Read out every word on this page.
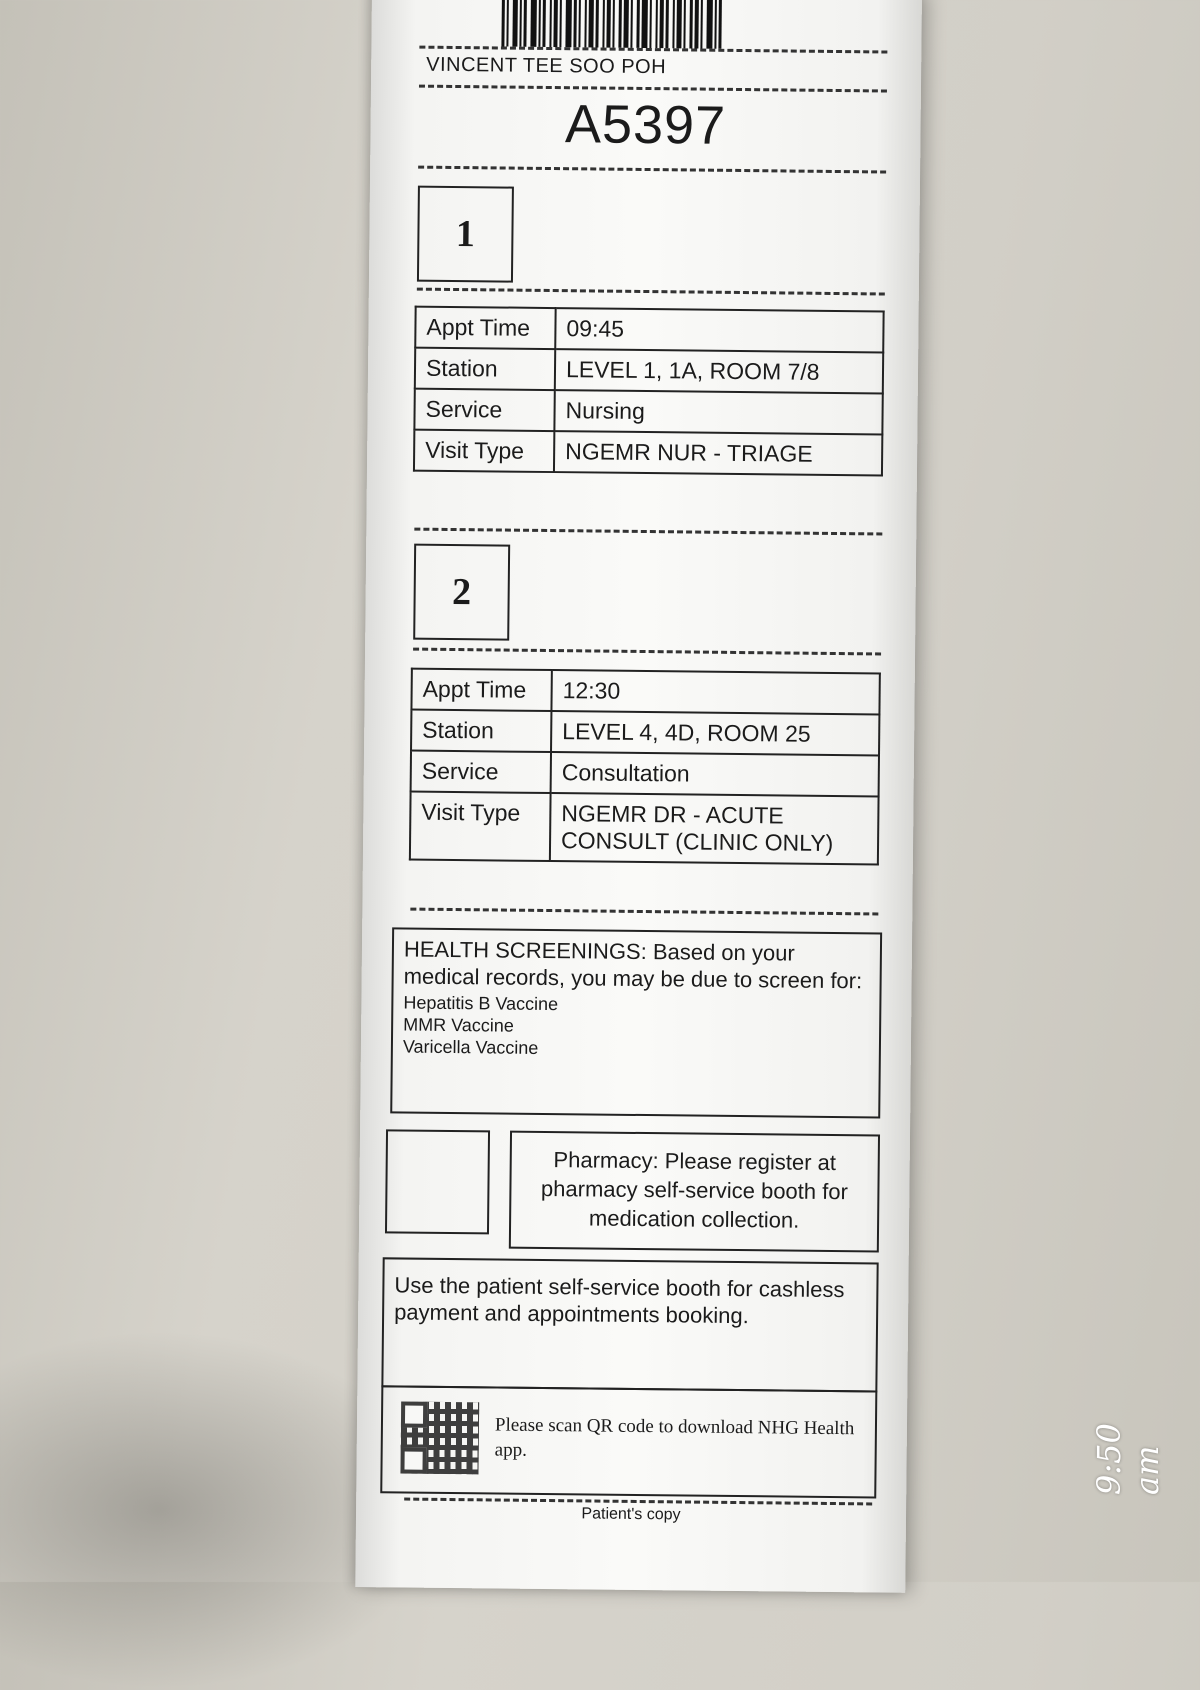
VINCENT TEE SOO POH
A5397
1
Appt Time	09:45
Station	LEVEL 1, 1A, ROOM 7/8
Service	Nursing
Visit Type	NGEMR NUR - TRIAGE
2
Appt Time	12:30
Station	LEVEL 4, 4D, ROOM 25
Service	Consultation
Visit Type	NGEMR DR - ACUTE CONSULT (CLINIC ONLY)
HEALTH SCREENINGS: Based on your medical records, you may be due to screen for:
Hepatitis B Vaccine
MMR Vaccine
Varicella Vaccine
Pharmacy: Please register at pharmacy self-service booth for medication collection.
Use the patient self-service booth for cashless payment and appointments booking.
Please scan QR code to download NHG Health app.
Patient's copy
9:50 am
